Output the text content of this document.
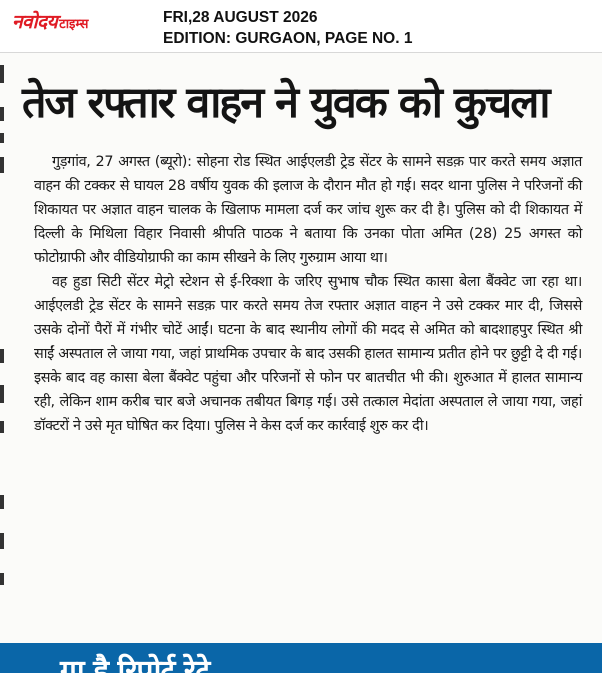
नवोदय टाइम्स	FRI,28 AUGUST 2026
EDITION: GURGAON, PAGE NO. 1
तेज रफ्तार वाहन ने युवक को कुचला

गुड़गांव, 27 अगस्त (ब्यूरो): सोहना रोड स्थित आईएलडी ट्रेड सेंटर के सामने सडक़ पार करते समय अज्ञात वाहन की टक्कर से घायल 28 वर्षीय युवक की इलाज के दौरान मौत हो गई। सदर थाना पुलिस ने परिजनों की शिकायत पर अज्ञात वाहन चालक के खिलाफ मामला दर्ज कर जांच शुरू कर दी है। पुलिस को दी शिकायत में दिल्ली के मिथिला विहार निवासी श्रीपति पाठक ने बताया कि उनका पोता अमित (28) 25 अगस्त को फोटोग्राफी और वीडियोग्राफी का काम सीखने के लिए गुरुग्राम आया था।

वह हुडा सिटी सेंटर मेट्रो स्टेशन से ई-रिक्शा के जरिए सुभाष चौक स्थित कासा बेला बैंक्वेट जा रहा था। आईएलडी ट्रेड सेंटर के सामने सडक़ पार करते समय तेज रफ्तार अज्ञात वाहन ने उसे टक्कर मार दी, जिससे उसके दोनों पैरों में गंभीर चोटें आईं। घटना के बाद स्थानीय लोगों की मदद से अमित को बादशाहपुर स्थित श्री साईं अस्पताल ले जाया गया, जहां प्राथमिक उपचार के बाद उसकी हालत सामान्य प्रतीत होने पर छुट्टी दे दी गई। इसके बाद वह कासा बेला बैंक्वेट पहुंचा और परिजनों से फोन पर बातचीत भी की। शुरुआत में हालत सामान्य रही, लेकिन शाम करीब चार बजे अचानक तबीयत बिगड़ गई। उसे तत्काल मेदांता अस्पताल ले जाया गया, जहां डॉक्टरों ने उसे मृत घोषित कर दिया। पुलिस ने केस दर्ज कर कार्रवाई शुरु कर दी।

ग्रा है रिपोर्ट रेटे
